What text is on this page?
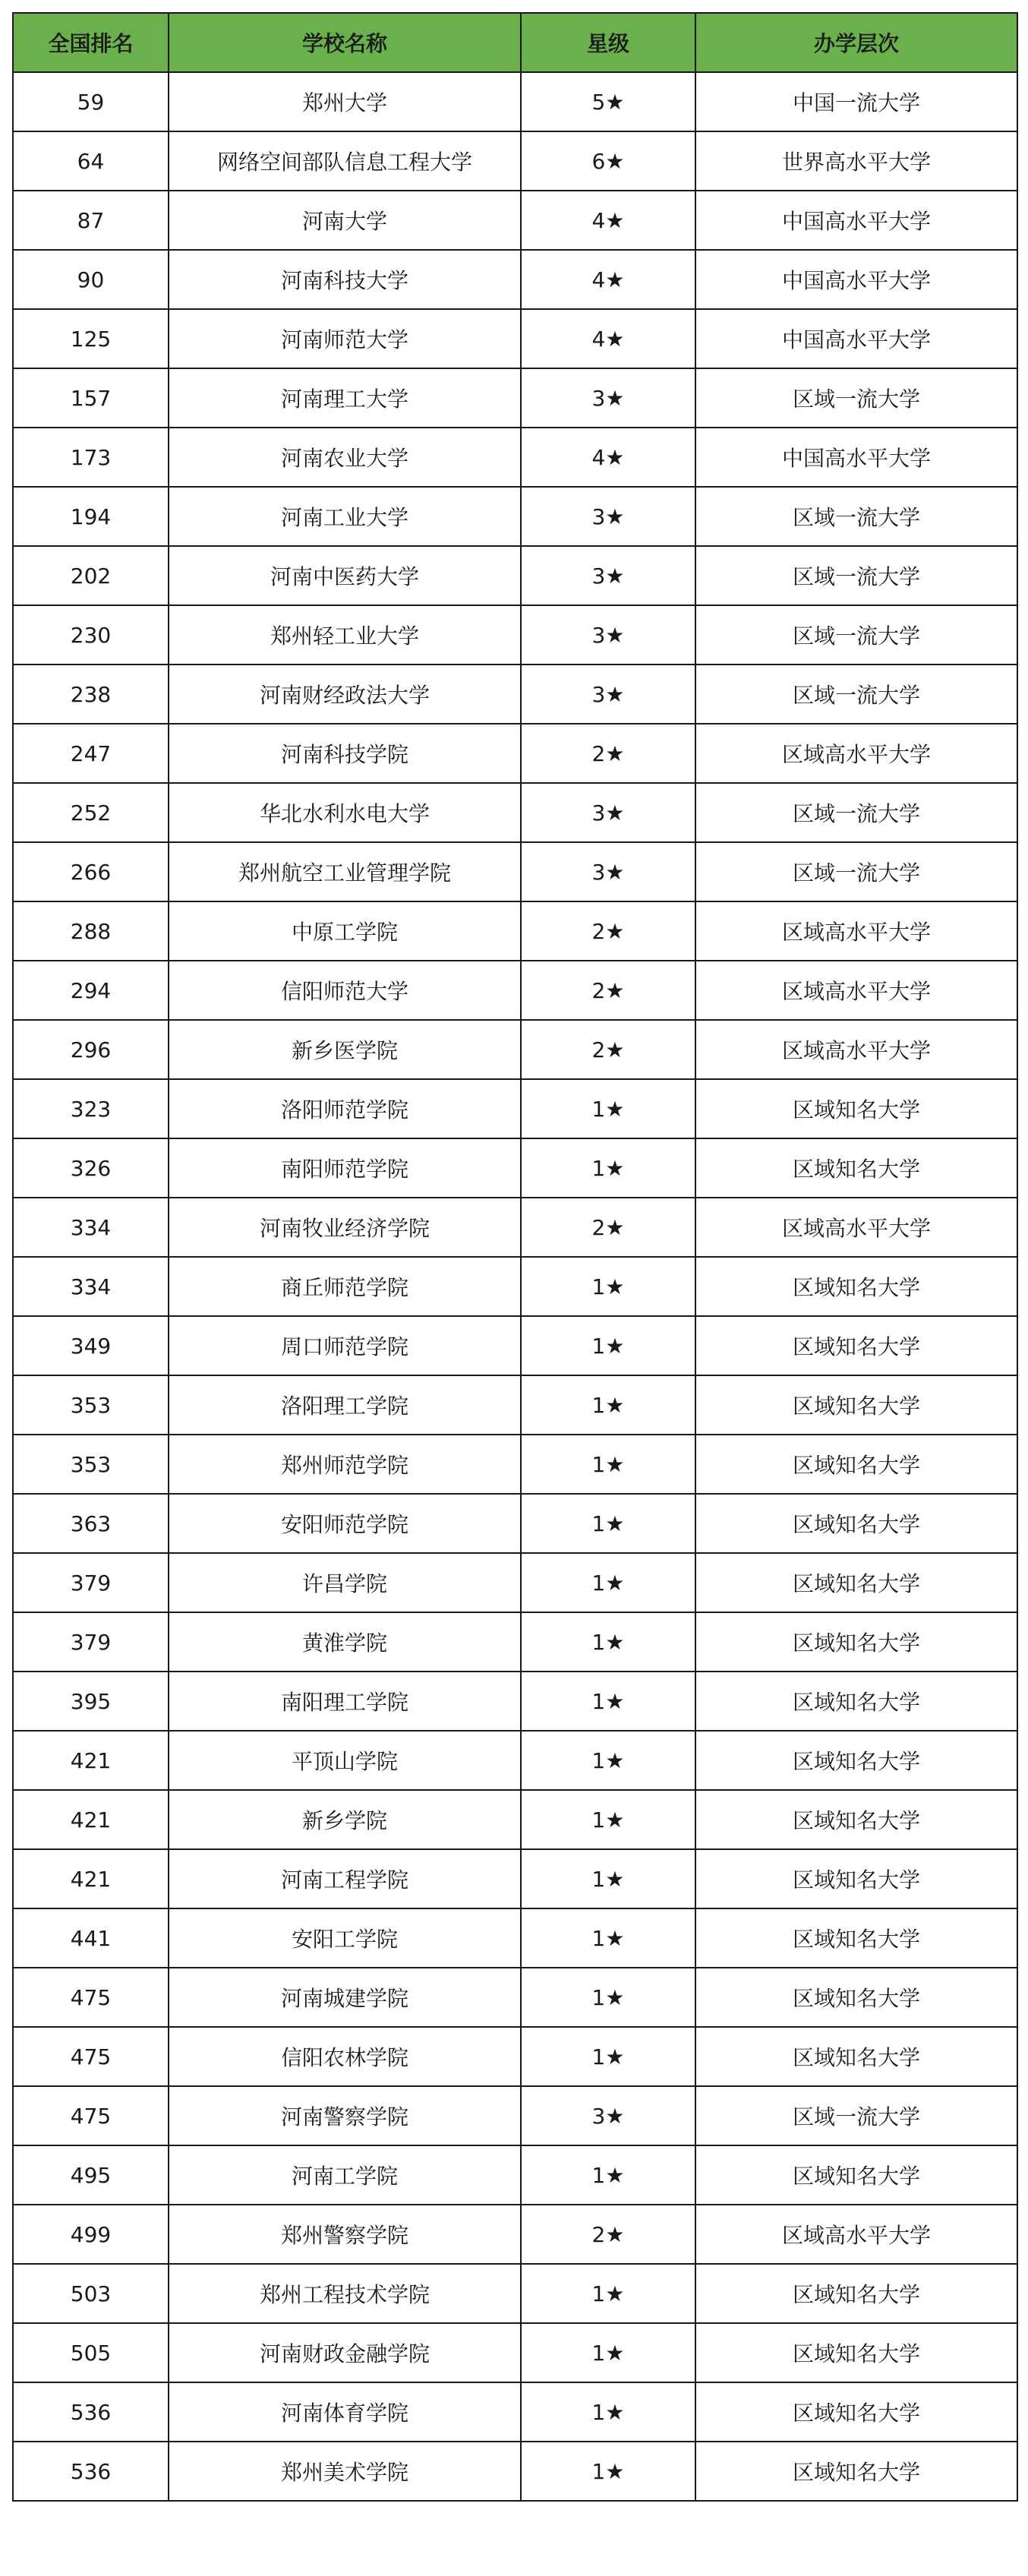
全国排名	学校名称	星级	办学层次
59	郑州大学	5★	中国一流大学
64	网络空间部队信息工程大学	6★	世界高水平大学
87	河南大学	4★	中国高水平大学
90	河南科技大学	4★	中国高水平大学
125	河南师范大学	4★	中国高水平大学
157	河南理工大学	3★	区域一流大学
173	河南农业大学	4★	中国高水平大学
194	河南工业大学	3★	区域一流大学
202	河南中医药大学	3★	区域一流大学
230	郑州轻工业大学	3★	区域一流大学
238	河南财经政法大学	3★	区域一流大学
247	河南科技学院	2★	区域高水平大学
252	华北水利水电大学	3★	区域一流大学
266	郑州航空工业管理学院	3★	区域一流大学
288	中原工学院	2★	区域高水平大学
294	信阳师范大学	2★	区域高水平大学
296	新乡医学院	2★	区域高水平大学
323	洛阳师范学院	1★	区域知名大学
326	南阳师范学院	1★	区域知名大学
334	河南牧业经济学院	2★	区域高水平大学
334	商丘师范学院	1★	区域知名大学
349	周口师范学院	1★	区域知名大学
353	洛阳理工学院	1★	区域知名大学
353	郑州师范学院	1★	区域知名大学
363	安阳师范学院	1★	区域知名大学
379	许昌学院	1★	区域知名大学
379	黄淮学院	1★	区域知名大学
395	南阳理工学院	1★	区域知名大学
421	平顶山学院	1★	区域知名大学
421	新乡学院	1★	区域知名大学
421	河南工程学院	1★	区域知名大学
441	安阳工学院	1★	区域知名大学
475	河南城建学院	1★	区域知名大学
475	信阳农林学院	1★	区域知名大学
475	河南警察学院	3★	区域一流大学
495	河南工学院	1★	区域知名大学
499	郑州警察学院	2★	区域高水平大学
503	郑州工程技术学院	1★	区域知名大学
505	河南财政金融学院	1★	区域知名大学
536	河南体育学院	1★	区域知名大学
536	郑州美术学院	1★	区域知名大学
